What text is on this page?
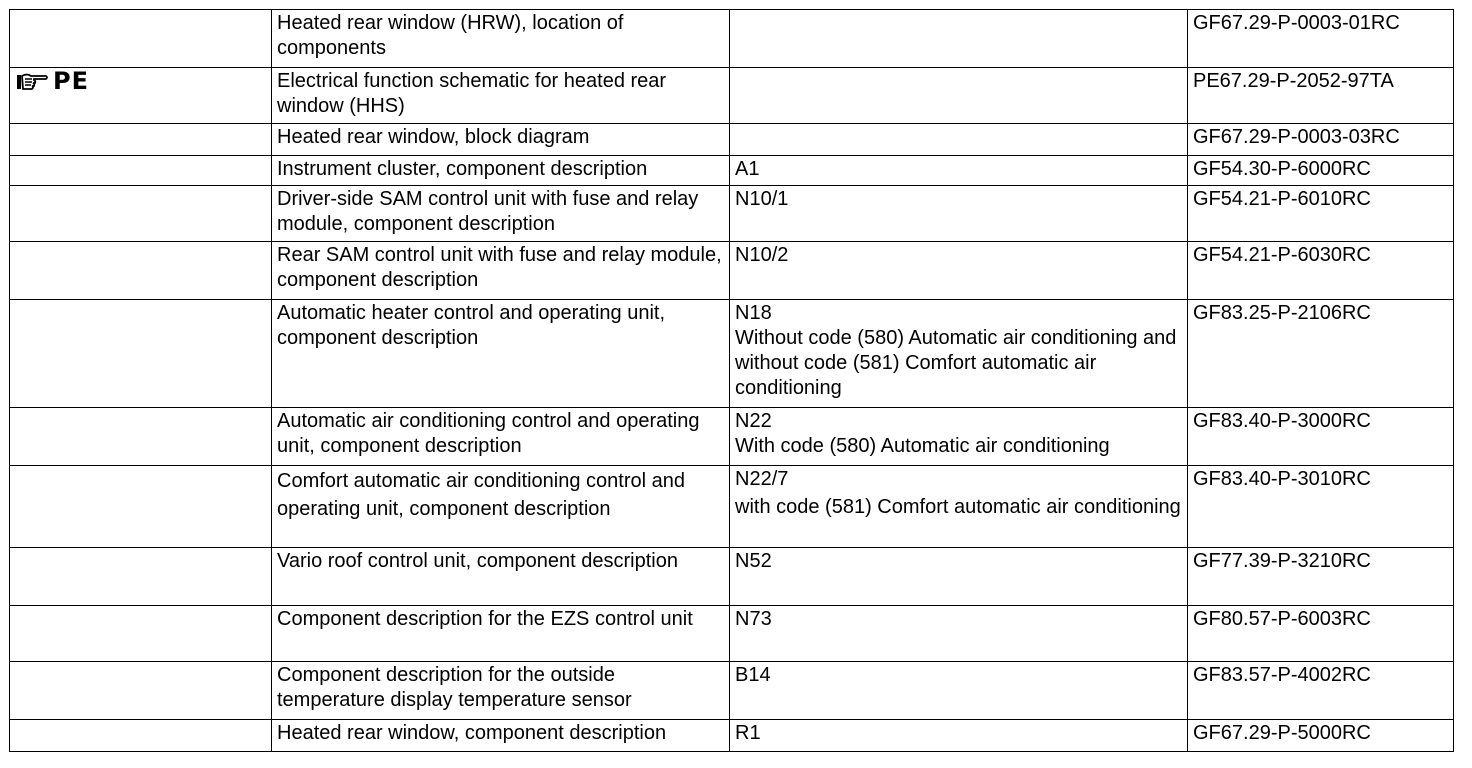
	Heated rear window (HRW), location of components		GF67.29-P-0003-01RC

PE	Electrical function schematic for heated rear window (HHS)		PE67.29-P-2052-97TA
	Heated rear window, block diagram		GF67.29-P-0003-03RC
	Instrument cluster, component description	A1	GF54.30-P-6000RC
	Driver-side SAM control unit with fuse and relay module, component description	N10/1	GF54.21-P-6010RC
	Rear SAM control unit with fuse and relay module, component description	N10/2	GF54.21-P-6030RC
	Automatic heater control and operating unit, component description	N18
Without code (580) Automatic air conditioning and without code (581) Comfort automatic air conditioning	GF83.25-P-2106RC
	Automatic air conditioning control and operating unit, component description	N22
With code (580) Automatic air conditioning	GF83.40-P-3000RC
	Comfort automatic air conditioning control and operating unit, component description	N22/7
with code (581) Comfort automatic air conditioning	GF83.40-P-3010RC
	Vario roof control unit, component description	N52	GF77.39-P-3210RC
	Component description for the EZS control unit	N73	GF80.57-P-6003RC
	Component description for the outside temperature display temperature sensor	B14	GF83.57-P-4002RC
	Heated rear window, component description	R1	GF67.29-P-5000RC
